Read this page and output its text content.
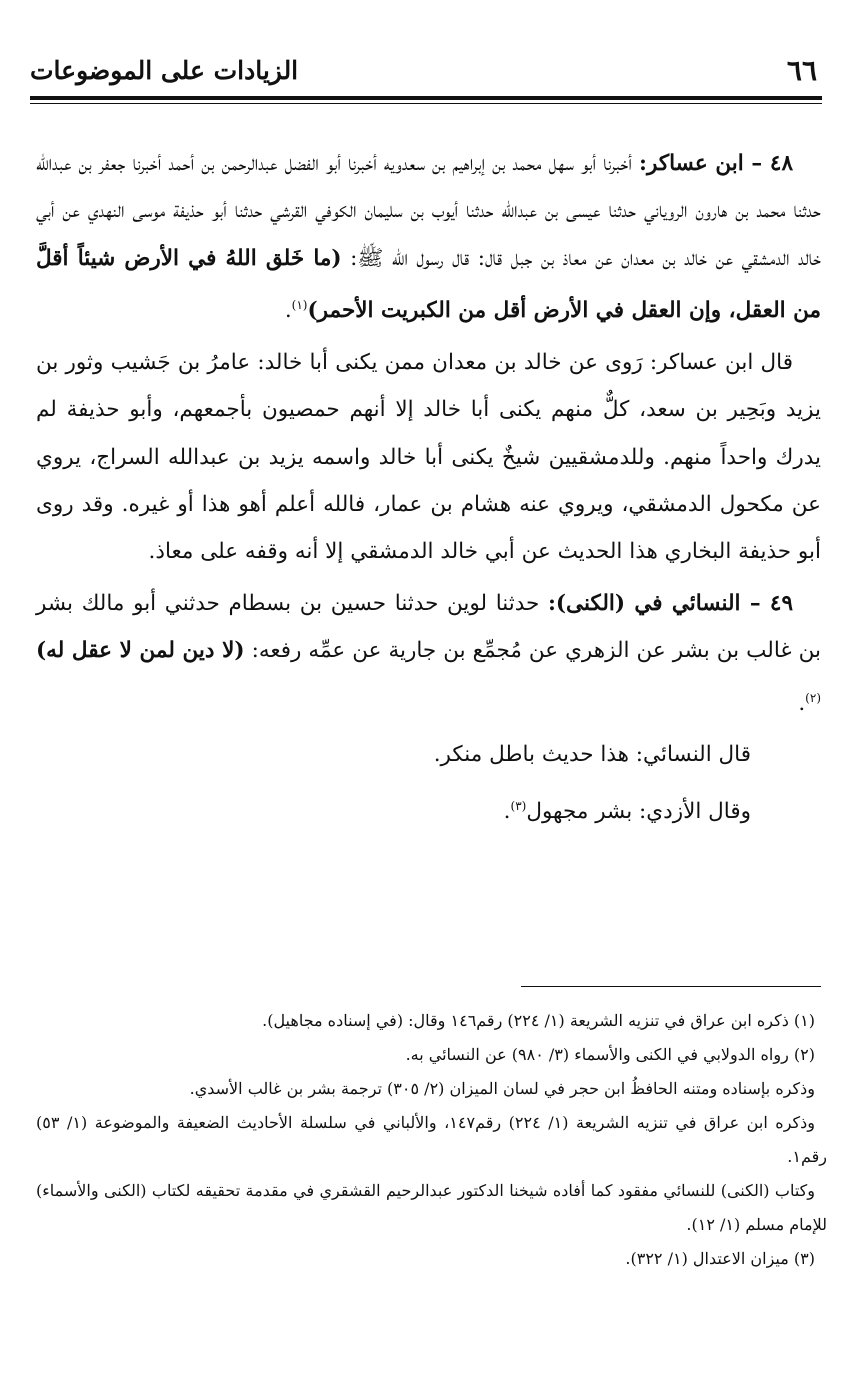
٦٦
الزيادات على الموضوعات

٤٨ – ابن عساكر: أخبرنا أبو سهل محمد بن إبراهيم بن سعدويه أخبرنا أبو الفضل عبدالرحمن بن أحمد أخبرنا جعفر بن عبدالله حدثنا محمد بن هارون الروياني حدثنا عيسى بن عبدالله حدثنا أيوب بن سليمان الكوفي القرشي حدثنا أبو حذيفة موسى النهدي عن أبي خالد الدمشقي عن خالد بن معدان عن معاذ بن جبل قال: قال رسول الله ﷺ: (ما خَلق اللهُ في الأرض شيئاً أقلَّ من العقل، وإن العقل في الأرض أقل من الكبريت الأحمر)$^{(١)}$.

قال ابن عساكر: رَوى عن خالد بن معدان ممن يكنى أبا خالد: عامرُ بن جَشيب وثور بن يزيد وبَحِير بن سعد، كلٌّ منهم يكنى أبا خالد إلا أنهم حمصيون بأجمعهم، وأبو حذيفة لم يدرك واحداً منهم. وللدمشقيين شيخٌ يكنى أبا خالد واسمه يزيد بن عبدالله السراج، يروي عن مكحول الدمشقي، ويروي عنه هشام بن عمار، فالله أعلم أهو هذا أو غيره. وقد روى أبو حذيفة البخاري هذا الحديث عن أبي خالد الدمشقي إلا أنه وقفه على معاذ.

٤٩ – النسائي في (الكنى): حدثنا لوين حدثنا حسين بن بسطام حدثني أبو مالك بشر بن غالب بن بشر عن الزهري عن مُجمِّع بن جارية عن عمِّه رفعه: (لا دين لمن لا عقل له)$^{(٢)}$.

قال النسائي: هذا حديث باطل منكر.

وقال الأزدي: بشر مجهول$^{(٣)}$.

(١) ذكره ابن عراق في تنزيه الشريعة (١/ ٢٢٤) رقم١٤٦ وقال: (في إسناده مجاهيل).

(٢) رواه الدولابي في الكنى والأسماء (٣/ ٩٨٠) عن النسائي به.

وذكره بإسناده ومتنه الحافظُ ابن حجر في لسان الميزان (٢/ ٣٠٥) ترجمة بشر بن غالب الأسدي.

وذكره ابن عراق في تنزيه الشريعة (١/ ٢٢٤) رقم١٤٧، والألباني في سلسلة الأحاديث الضعيفة والموضوعة (١/ ٥٣) رقم١.

وكتاب (الكنى) للنسائي مفقود كما أفاده شيخنا الدكتور عبدالرحيم القشقري في مقدمة تحقيقه لكتاب (الكنى والأسماء) للإمام مسلم (١/ ١٢).

(٣) ميزان الاعتدال (١/ ٣٢٢).
